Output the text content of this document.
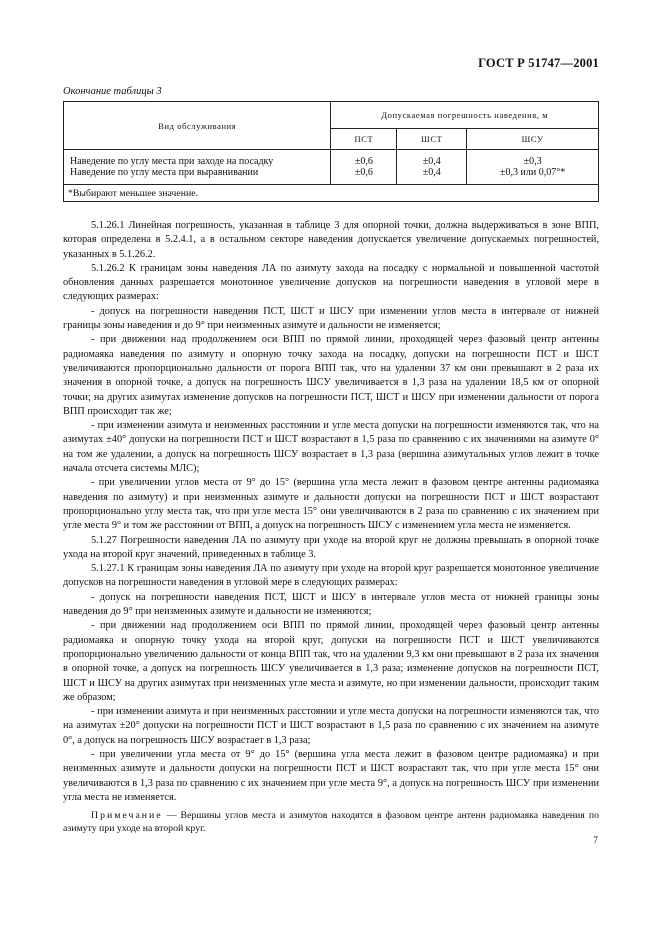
ГОСТ Р 51747—2001
Окончание таблицы 3
Вид обслуживания	Допускаемая погрешность наведения, м		
	ПСТ	ШСТ	ШСУ
Наведение по углу места при заходе на посадку	±0,6	±0,4	±0,3
Наведение по углу места при выравнивании	±0,6	±0,4	±0,3 или 0,07°*
*Выбирают меньшее значение.			

5.1.26.1 Линейная погрешность, указанная в таблице 3 для опорной точки, должна выдерживаться в зоне ВПП, которая определена в 5.2.4.1, а в остальном секторе наведения допускается увеличение допускаемых погрешностей, указанных в 5.1.26.2.

5.1.26.2 К границам зоны наведения ЛА по азимуту захода на посадку с нормальной и повышенной частотой обновления данных разрешается монотонное увеличение допусков на погрешности наведения в угловой мере в следующих размерах:

- допуск на погрешности наведения ПСТ, ШСТ и ШСУ при изменении углов места в интервале от нижней границы зоны наведения и до 9° при неизменных азимуте и дальности не изменяется;

- при движении над продолжением оси ВПП по прямой линии, проходящей через фазовый центр антенны радиомаяка наведения по азимуту и опорную точку захода на посадку, допуски на погрешности ПСТ и ШСТ увеличиваются пропорционально дальности от порога ВПП так, что на удалении 37 км они превышают в 2 раза их значения в опорной точке, а допуск на погрешность ШСУ увеличивается в 1,3 раза на удалении 18,5 км от опорной точки; на других азимутах изменение допусков на погрешности ПСТ, ШСТ и ШСУ при изменении дальности от порога ВПП происходит так же;

- при изменении азимута и неизменных расстоянии и угле места допуски на погрешности изменяются так, что на азимутах ±40° допуски на погрешности ПСТ и ШСТ возрастают в 1,5 раза по сравнению с их значениями на азимуте 0° на том же удалении, а допуск на погрешность ШСУ возрастает в 1,3 раза (вершина азимутальных углов лежит в точке начала отсчета системы МЛС);

- при увеличении углов места от 9° до 15° (вершина угла места лежит в фазовом центре антенны радиомаяка наведения по азимуту) и при неизменных азимуте и дальности допуски на погрешности ПСТ и ШСТ возрастают пропорционально углу места так, что при угле места 15° они увеличиваются в 2 раза по сравнению с их значением при угле места 9° и том же расстоянии от ВПП, а допуск на погрешность ШСУ с изменением угла места не изменяется.

5.1.27 Погрешности наведения ЛА по азимуту при уходе на второй круг не должны превышать в опорной точке ухода на второй круг значений, приведенных в таблице 3.

5.1.27.1 К границам зоны наведения ЛА по азимуту при уходе на второй круг разрешается монотонное увеличение допусков на погрешности наведения в угловой мере в следующих размерах:

- допуск на погрешности наведения ПСТ, ШСТ и ШСУ в интервале углов места от нижней границы зоны наведения до 9° при неизменных азимуте и дальности не изменяются;

- при движении над продолжением оси ВПП по прямой линии, проходящей через фазовый центр антенны радиомаяка и опорную точку ухода на второй круг, допуски на погрешности ПСТ и ШСТ увеличиваются пропорционально увеличению дальности от конца ВПП так, что на удалении 9,3 км они превышают в 2 раза их значения в опорной точке, а допуск на погрешность ШСУ увеличивается в 1,3 раза; изменение допусков на погрешности ПСТ, ШСТ и ШСУ на других азимутах при неизменных угле места и азимуте, но при изменении дальности, происходит таким же образом;

- при изменении азимута и при неизменных расстоянии и угле места допуски на погрешности изменяются так, что на азимутах ±20° допуски на погрешности ПСТ и ШСТ возрастают в 1,5 раза по сравнению с их значением на азимуте 0°, а допуск на погрешность ШСУ возрастает в 1,3 раза;

- при увеличении угла места от 9° до 15° (вершина угла места лежит в фазовом центре радиомаяка) и при неизменных азимуте и дальности допуски на погрешности ПСТ и ШСТ возрастают так, что при угле места 15° они увеличиваются в 1,3 раза по сравнению с их значением при угле места 9°, а допуск на погрешность ШСУ при изменении угла места не изменяется.

Примечание — Вершины углов места и азимутов находятся в фазовом центре антенн радиомаяка наведения по азимуту при уходе на второй круг.

7
